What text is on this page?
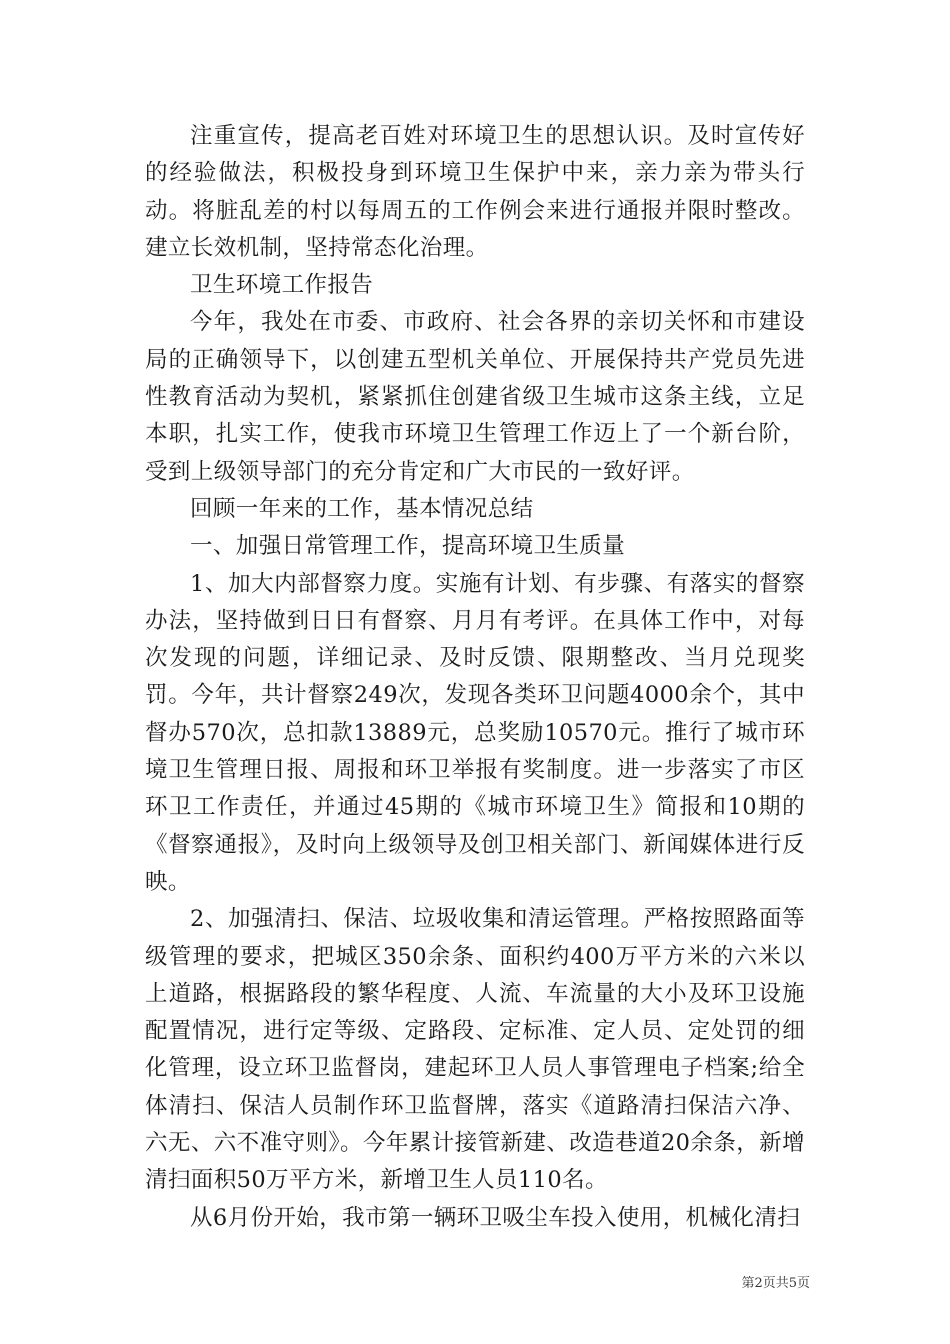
注重宣传，提高老百姓对环境卫生的思想认识。及时宣传好的经验做法，积极投身到环境卫生保护中来，亲力亲为带头行动。将脏乱差的村以每周五的工作例会来进行通报并限时整改。建立长效机制，坚持常态化治理。

卫生环境工作报告

今年，我处在市委、市政府、社会各界的亲切关怀和市建设局的正确领导下，以创建五型机关单位、开展保持共产党员先进性教育活动为契机，紧紧抓住创建省级卫生城市这条主线，立足本职，扎实工作，使我市环境卫生管理工作迈上了一个新台阶，受到上级领导部门的充分肯定和广大市民的一致好评。

回顾一年来的工作，基本情况总结

一、加强日常管理工作，提高环境卫生质量

1、加大内部督察力度。实施有计划、有步骤、有落实的督察办法，坚持做到日日有督察、月月有考评。在具体工作中，对每次发现的问题，详细记录、及时反馈、限期整改、当月兑现奖罚。今年，共计督察249次，发现各类环卫问题4000余个，其中督办570次，总扣款13889元，总奖励10570元。推行了城市环境卫生管理日报、周报和环卫举报有奖制度。进一步落实了市区环卫工作责任，并通过45期的《城市环境卫生》简报和10期的《督察通报》，及时向上级领导及创卫相关部门、新闻媒体进行反映。

2、加强清扫、保洁、垃圾收集和清运管理。严格按照路面等级管理的要求，把城区350余条、面积约400万平方米的六米以上道路，根据路段的繁华程度、人流、车流量的大小及环卫设施配置情况，进行定等级、定路段、定标准、定人员、定处罚的细化管理，设立环卫监督岗，建起环卫人员人事管理电子档案;给全体清扫、保洁人员制作环卫监督牌，落实《道路清扫保洁六净、六无、六不准守则》。今年累计接管新建、改造巷道20余条，新增清扫面积50万平方米，新增卫生人员110名。

从6月份开始，我市第一辆环卫吸尘车投入使用，机械化清扫

第2页共5页
